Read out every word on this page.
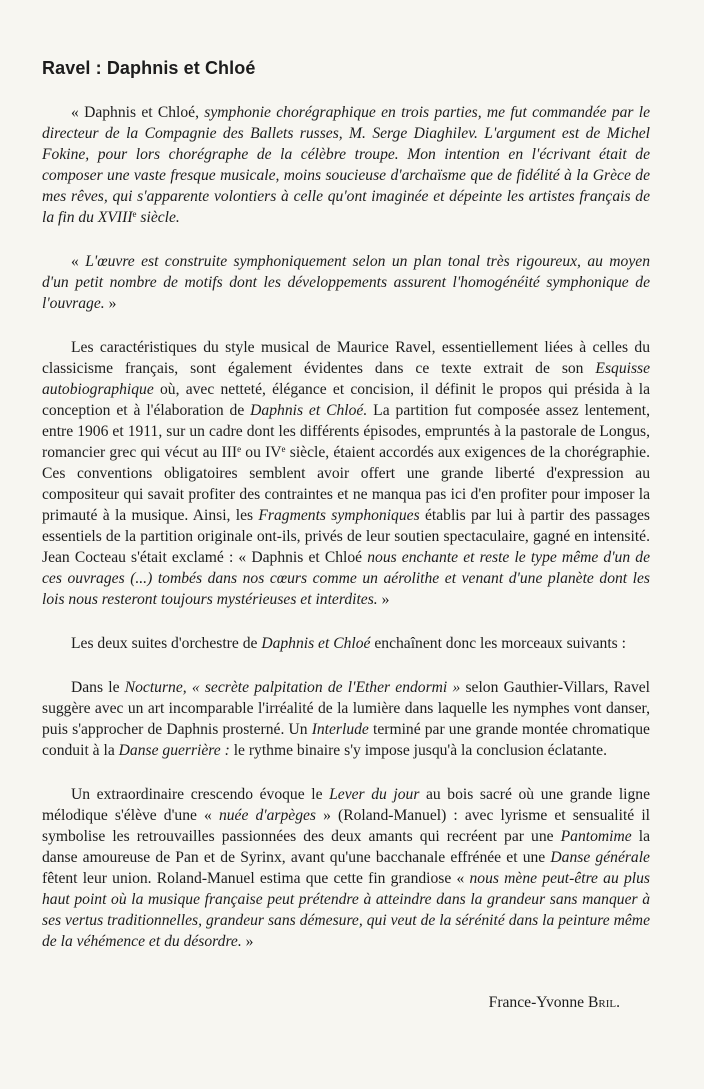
Ravel : Daphnis et Chloé

« Daphnis et Chloé, symphonie chorégraphique en trois parties, me fut commandée par le directeur de la Compagnie des Ballets russes, M. Serge Diaghilev. L'argument est de Michel Fokine, pour lors chorégraphe de la célèbre troupe. Mon intention en l'écrivant était de composer une vaste fresque musicale, moins soucieuse d'archaïsme que de fidélité à la Grèce de mes rêves, qui s'apparente volontiers à celle qu'ont imaginée et dépeinte les artistes français de la fin du XVIIIe siècle.

« L'œuvre est construite symphoniquement selon un plan tonal très rigoureux, au moyen d'un petit nombre de motifs dont les développements assurent l'homogénéité symphonique de l'ouvrage. »

Les caractéristiques du style musical de Maurice Ravel, essentiellement liées à celles du classicisme français, sont également évidentes dans ce texte extrait de son Esquisse autobiographique où, avec netteté, élégance et concision, il définit le propos qui présida à la conception et à l'élaboration de Daphnis et Chloé. La partition fut composée assez lentement, entre 1906 et 1911, sur un cadre dont les différents épisodes, empruntés à la pastorale de Longus, romancier grec qui vécut au IIIe ou IVe siècle, étaient accordés aux exigences de la chorégraphie. Ces conventions obligatoires semblent avoir offert une grande liberté d'expression au compositeur qui savait profiter des contraintes et ne manqua pas ici d'en profiter pour imposer la primauté à la musique. Ainsi, les Fragments symphoniques établis par lui à partir des passages essentiels de la partition originale ont-ils, privés de leur soutien spectaculaire, gagné en intensité. Jean Cocteau s'était exclamé : « Daphnis et Chloé nous enchante et reste le type même d'un de ces ouvrages (...) tombés dans nos cœurs comme un aérolithe et venant d'une planète dont les lois nous resteront toujours mystérieuses et interdites. »

Les deux suites d'orchestre de Daphnis et Chloé enchaînent donc les morceaux suivants :

Dans le Nocturne, « secrète palpitation de l'Ether endormi » selon Gauthier-Villars, Ravel suggère avec un art incomparable l'irréalité de la lumière dans laquelle les nymphes vont danser, puis s'approcher de Daphnis prosterné. Un Interlude terminé par une grande montée chromatique conduit à la Danse guerrière : le rythme binaire s'y impose jusqu'à la conclusion éclatante.

Un extraordinaire crescendo évoque le Lever du jour au bois sacré où une grande ligne mélodique s'élève d'une « nuée d'arpèges » (Roland-Manuel) : avec lyrisme et sensualité il symbolise les retrouvailles passionnées des deux amants qui recréent par une Pantomime la danse amoureuse de Pan et de Syrinx, avant qu'une bacchanale effrénée et une Danse générale fêtent leur union. Roland-Manuel estima que cette fin grandiose « nous mène peut-être au plus haut point où la musique française peut prétendre à atteindre dans la grandeur sans manquer à ses vertus traditionnelles, grandeur sans démesure, qui veut de la sérénité dans la peinture même de la véhémence et du désordre. »

France-Yvonne Bril.
